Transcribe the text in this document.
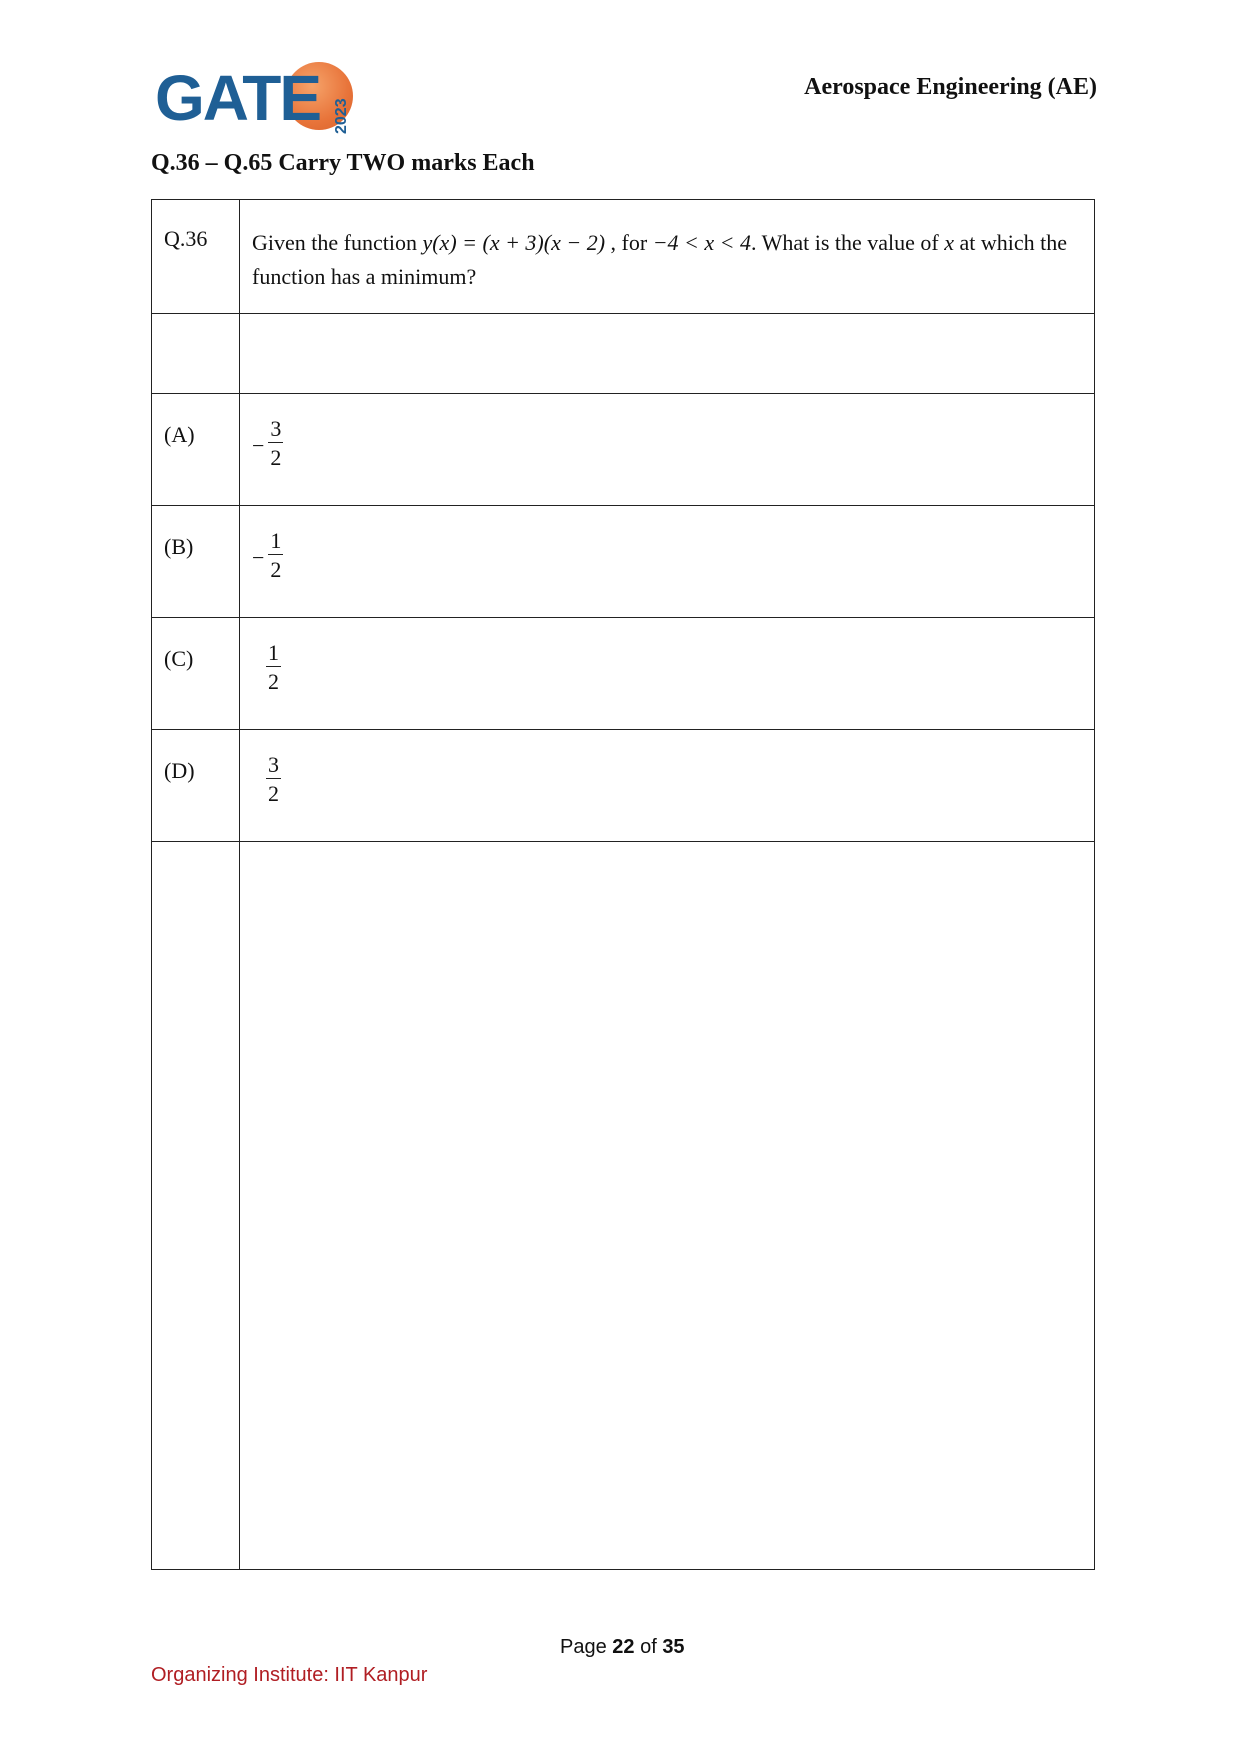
GATE 2023
Aerospace Engineering (AE)
Q.36 – Q.65 Carry TWO marks Each
Q.36	Given the function y(x) = (x + 3)(x − 2) , for −4 < x < 4. What is the value of x at which the function has a minimum?

(A)	− $\frac{3}{2}$

(B)	− $\frac{1}{2}$

(C)	$\frac{1}{2}$

(D)	$\frac{3}{2}$

Page 22 of 35
Organizing Institute: IIT Kanpur
